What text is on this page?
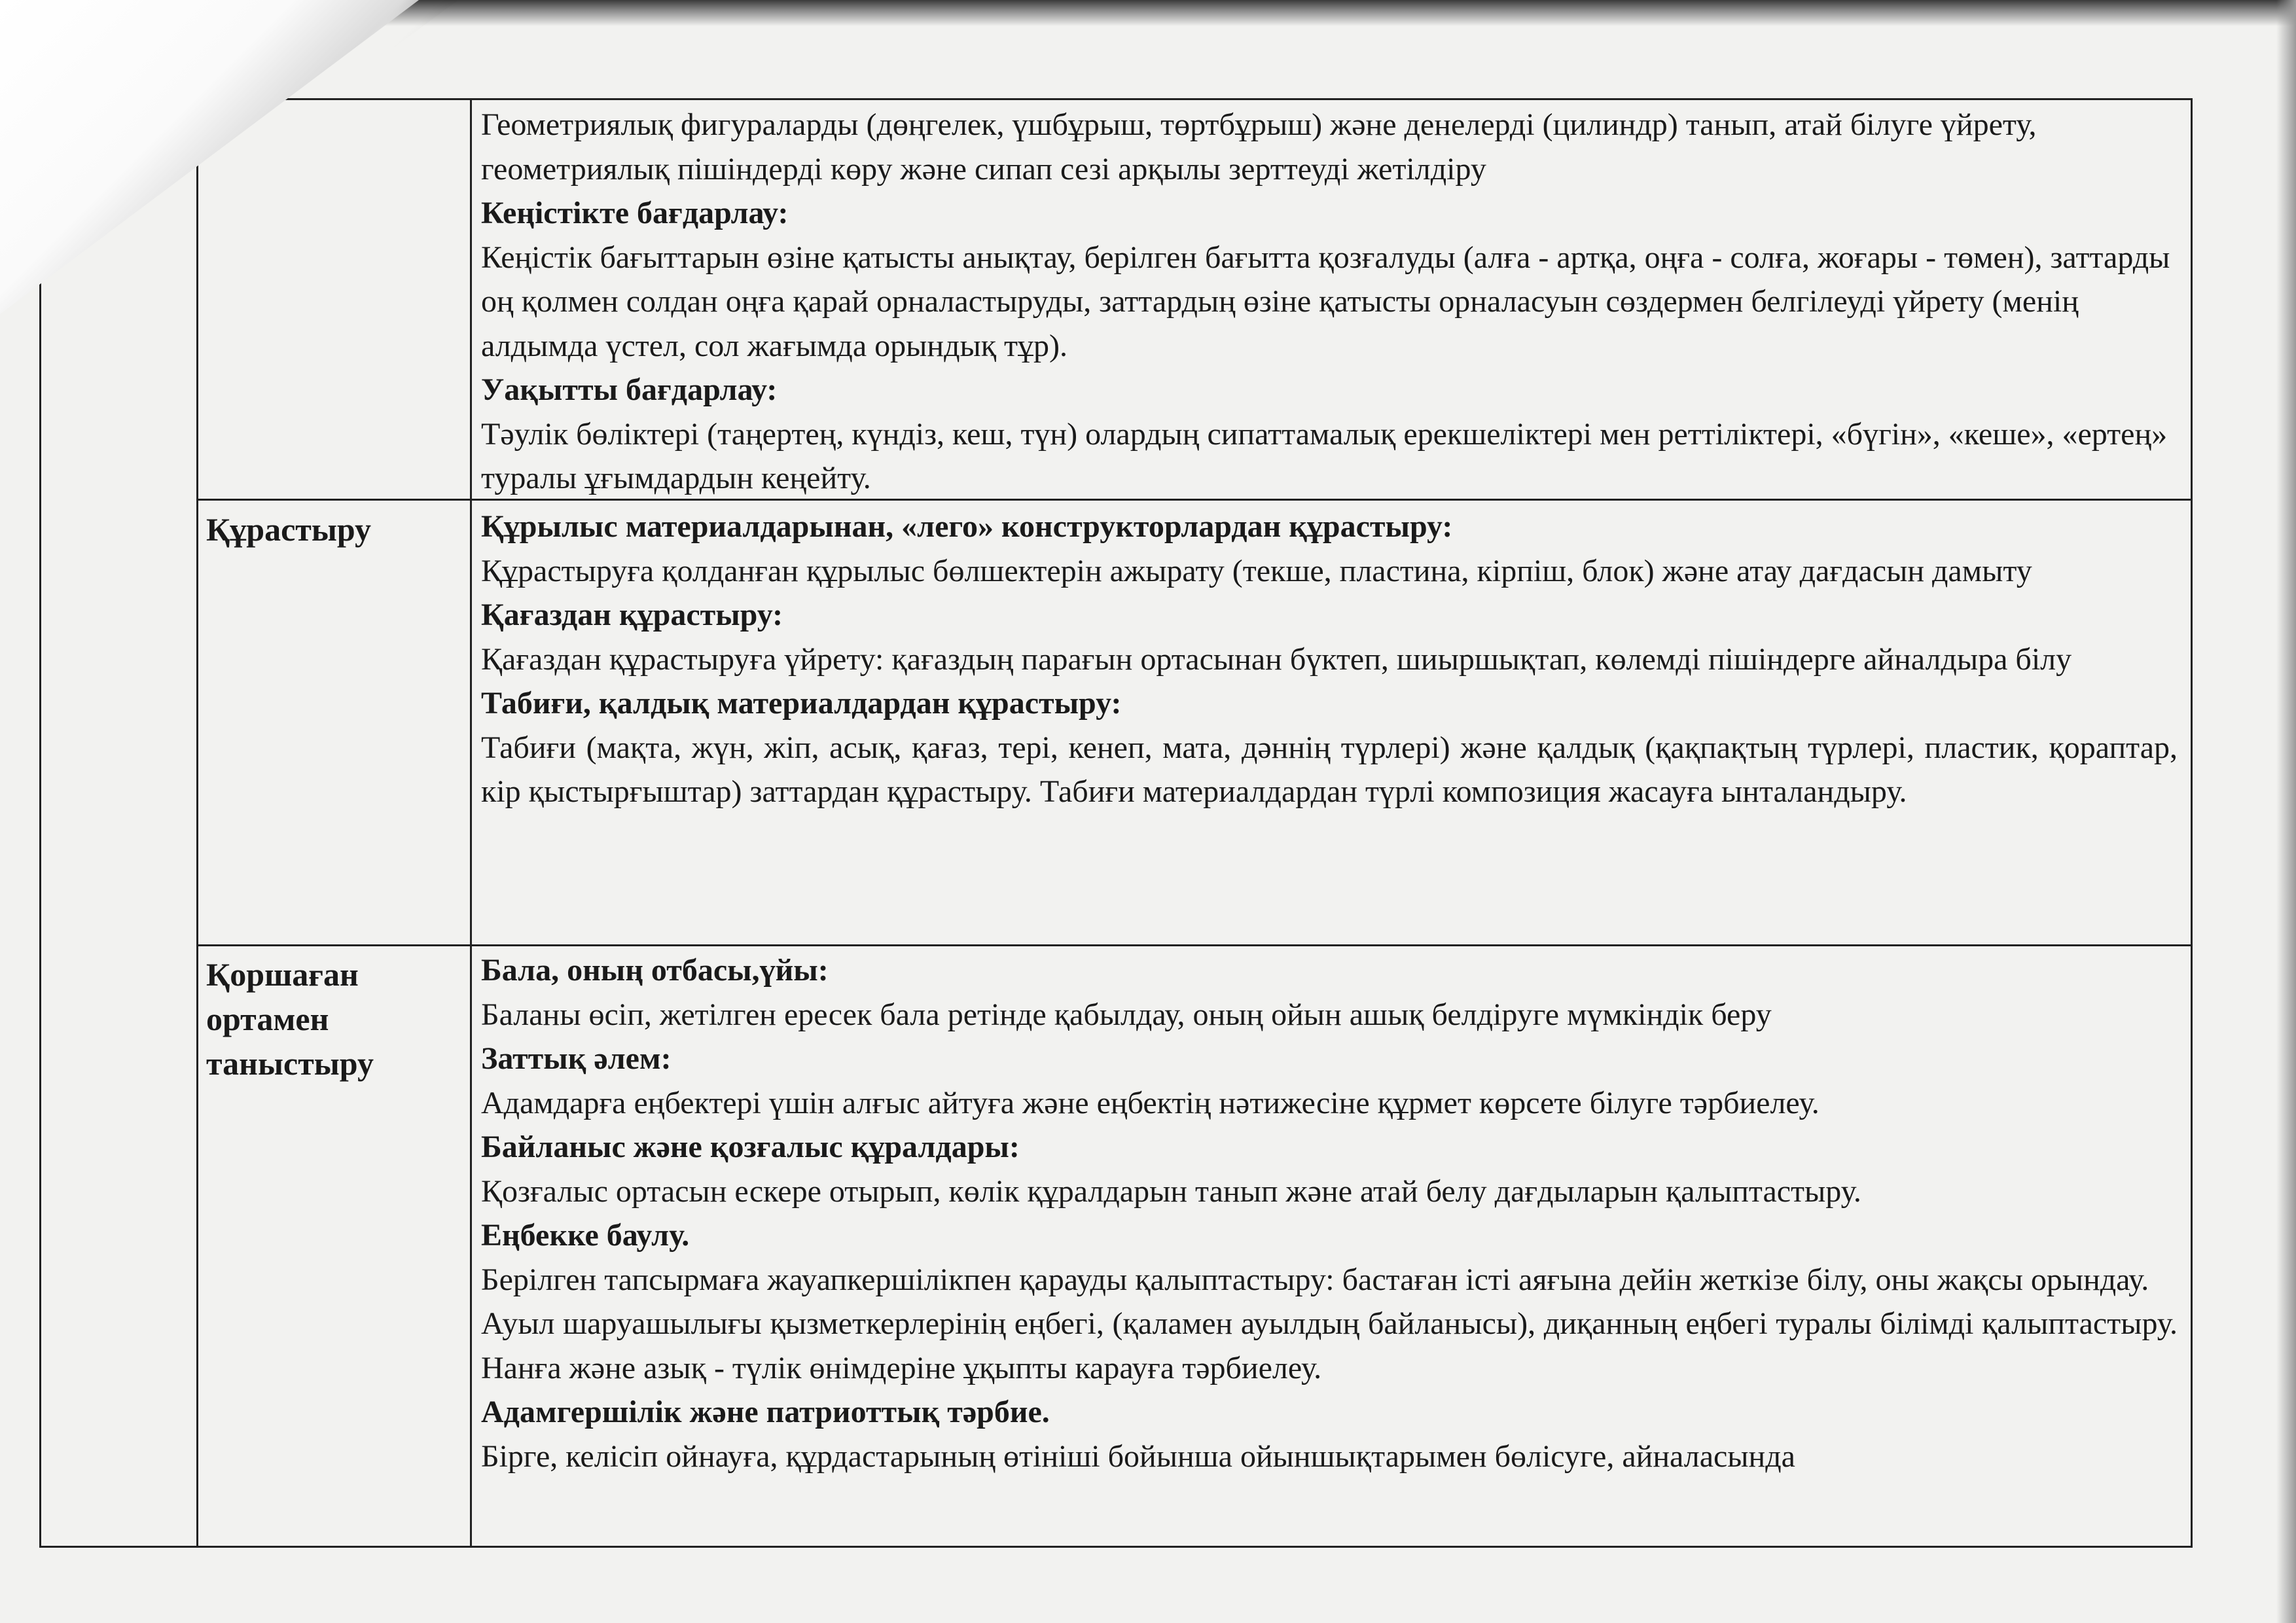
Геометриялық фигураларды (дөңгелек, үшбұрыш, төртбұрыш) және денелерді (цилиндр) танып, атай білуге үйрету, геометриялық пішіндерді көру және сипап сезі арқылы зерттеуді жетілдіру

Кеңістікте бағдарлау:

Кеңістік бағыттарын өзіне қатысты анықтау, берілген бағытта қозғалуды (алға - артқа, оңға - солға, жоғары - төмен), заттарды оң қолмен солдан оңға қарай орналастыруды, заттардың өзіне қатысты орналасуын сөздермен белгілеуді үйрету (менің алдымда үстел, сол жағымда орындық тұр).

Уақытты бағдарлау:

Тәулік бөліктері (таңертең, күндіз, кеш, түн) олардың сипаттамалық ерекшеліктері мен реттіліктері, «бүгін», «кеше», «ертең» туралы ұғымдардын кеңейту.

Құрастыру	Құрылыс материалдарынан, «лего» конструкторлардан құрастыру:

Құрастыруға қолданған құрылыс бөлшектерін ажырату (текше, пластина, кірпіш, блок) және атау дағдасын дамыту

Қағаздан құрастыру:

Қағаздан құрастыруға үйрету: қағаздың парағын ортасынан бүктеп, шиыршықтап, көлемді пішіндерге айналдыра білу

Табиғи, қалдық материалдардан құрастыру:

Табиғи (мақта, жүн, жіп, асық, қағаз, тері, кенеп, мата, дәннің түрлері) және қалдық (қақпақтың түрлері, пластик, қораптар, кір қыстырғыштар) заттардан құрастыру. Табиғи материалдардан түрлі композиция жасауға ынталандыру.

Қоршаған ортамен таныстыру

Бала, оның отбасы,үйы:

Баланы өсіп, жетілген ересек бала ретінде қабылдау, оның ойын ашық белдіруге мүмкіндік беру

Заттық әлем:

Адамдарға еңбектері үшін алғыс айтуға және еңбектің нәтижесіне құрмет көрсете білуге тәрбиелеу.

Байланыс және қозғалыс құралдары:

Қозғалыс ортасын ескере отырып, көлік құралдарын танып және атай белу дағдыларын қалыптастыру.

Еңбекке баулу.

Берілген тапсырмаға жауапкершілікпен қарауды қалыптастыру: бастаған істі аяғына дейін жеткізе білу, оны жақсы орындау.

Ауыл шаруашылығы қызметкерлерінің еңбегі, (қаламен ауылдың байланысы), диқанның еңбегі туралы білімді қалыптастыру. Нанға және азық - түлік өнімдеріне ұқыпты карауға тәрбиелеу.

Адамгершілік және патриоттық тәрбие.

Бірге, келісіп ойнауға, құрдастарының өтініші бойынша ойыншықтарымен бөлісуге, айналасында
